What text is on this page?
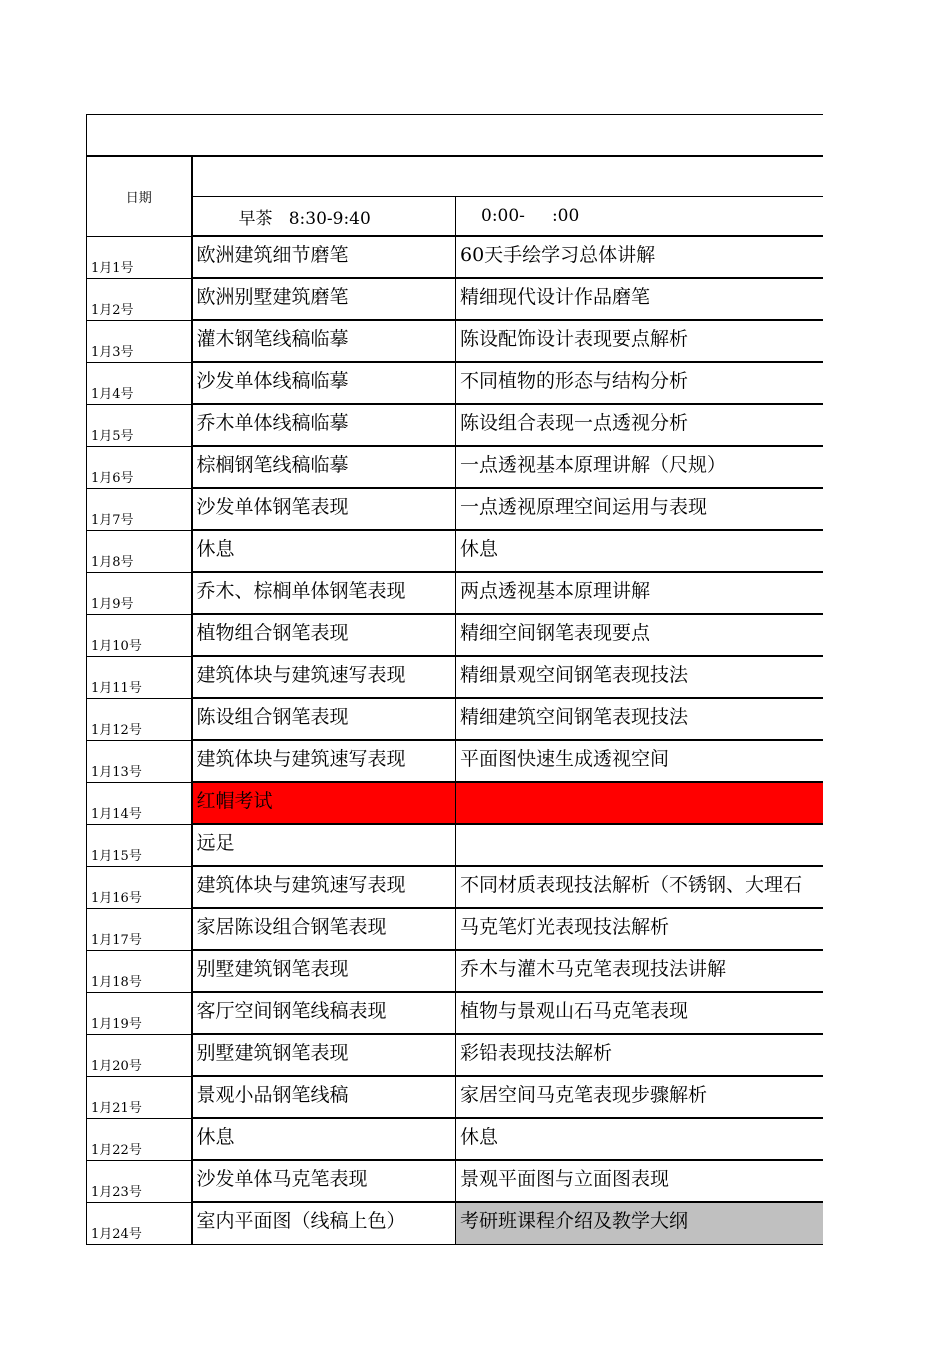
日期		
	早茶   8:30-9:40	0:00-     :00
1月1号	欧洲建筑细节磨笔	60天手绘学习总体讲解
1月2号	欧洲别墅建筑磨笔	精细现代设计作品磨笔
1月3号	灌木钢笔线稿临摹	陈设配饰设计表现要点解析
1月4号	沙发单体线稿临摹	不同植物的形态与结构分析
1月5号	乔木单体线稿临摹	陈设组合表现一点透视分析
1月6号	棕榈钢笔线稿临摹	一点透视基本原理讲解（尺规）
1月7号	沙发单体钢笔表现	一点透视原理空间运用与表现
1月8号	休息	休息
1月9号	乔木、棕榈单体钢笔表现	两点透视基本原理讲解
1月10号	植物组合钢笔表现	精细空间钢笔表现要点
1月11号	建筑体块与建筑速写表现	精细景观空间钢笔表现技法
1月12号	陈设组合钢笔表现	精细建筑空间钢笔表现技法
1月13号	建筑体块与建筑速写表现	平面图快速生成透视空间
1月14号	红帽考试	
1月15号	远足	
1月16号	建筑体块与建筑速写表现	不同材质表现技法解析（不锈钢、大理石
1月17号	家居陈设组合钢笔表现	马克笔灯光表现技法解析
1月18号	别墅建筑钢笔表现	乔木与灌木马克笔表现技法讲解
1月19号	客厅空间钢笔线稿表现	植物与景观山石马克笔表现
1月20号	别墅建筑钢笔表现	彩铅表现技法解析
1月21号	景观小品钢笔线稿	家居空间马克笔表现步骤解析
1月22号	休息	休息
1月23号	沙发单体马克笔表现	景观平面图与立面图表现
1月24号	室内平面图（线稿上色）	考研班课程介绍及教学大纲
